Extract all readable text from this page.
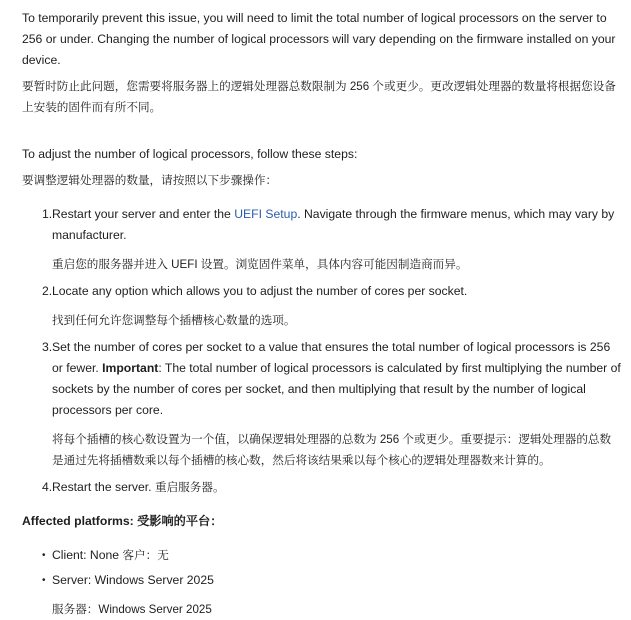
To temporarily prevent this issue, you will need to limit the total number of logical processors on the server to 256 or under. Changing the number of logical processors will vary depending on the firmware installed on your device.

要暂时防止此问题，您需要将服务器上的逻辑处理器总数限制为 256 个或更少。更改逻辑处理器的数量将根据您设备上安装的固件而有所不同。

To adjust the number of logical processors, follow these steps:

要调整逻辑处理器的数量，请按照以下步骤操作：

1. Restart your server and enter the UEFI Setup. Navigate through the firmware menus, which may vary by manufacturer.

重启您的服务器并进入 UEFI 设置。浏览固件菜单，具体内容可能因制造商而异。

2. Locate any option which allows you to adjust the number of cores per socket.

找到任何允许您调整每个插槽核心数量的选项。

3. Set the number of cores per socket to a value that ensures the total number of logical processors is 256 or fewer. Important: The total number of logical processors is calculated by first multiplying the number of sockets by the number of cores per socket, and then multiplying that result by the number of logical processors per core.

将每个插槽的核心数设置为一个值，以确保逻辑处理器的总数为 256 个或更少。重要提示：逻辑处理器的总数是通过先将插槽数乘以每个插槽的核心数，然后将该结果乘以每个核心的逻辑处理器数来计算的。

4. Restart the server. 重启服务器。

Affected platforms: 受影响的平台：

• Client: None 客户：无

• Server: Windows Server 2025

服务器：Windows Server 2025
